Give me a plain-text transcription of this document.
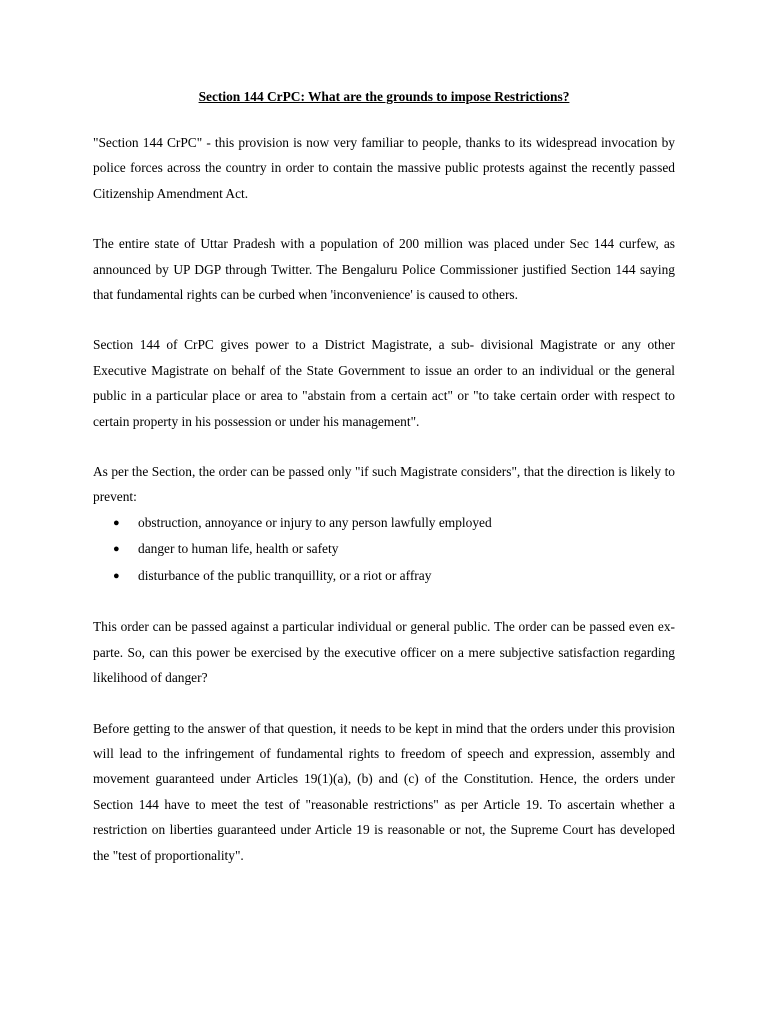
Section 144 CrPC: What are the grounds to impose Restrictions?

"Section 144 CrPC" - this provision is now very familiar to people, thanks to its widespread invocation by police forces across the country in order to contain the massive public protests against the recently passed Citizenship Amendment Act.

The entire state of Uttar Pradesh with a population of 200 million was placed under Sec 144 curfew, as announced by UP DGP through Twitter. The Bengaluru Police Commissioner justified Section 144 saying that fundamental rights can be curbed when 'inconvenience' is caused to others.

Section 144 of CrPC gives power to a District Magistrate, a sub- divisional Magistrate or any other Executive Magistrate on behalf of the State Government to issue an order to an individual or the general public in a particular place or area to "abstain from a certain act" or "to take certain order with respect to certain property in his possession or under his management".

As per the Section, the order can be passed only "if such Magistrate considers", that the direction is likely to prevent:

● obstruction, annoyance or injury to any person lawfully employed
● danger to human life, health or safety
● disturbance of the public tranquillity, or a riot or affray

This order can be passed against a particular individual or general public. The order can be passed even ex-parte. So, can this power be exercised by the executive officer on a mere subjective satisfaction regarding likelihood of danger?

Before getting to the answer of that question, it needs to be kept in mind that the orders under this provision will lead to the infringement of fundamental rights to freedom of speech and expression, assembly and movement guaranteed under Articles 19(1)(a), (b) and (c) of the Constitution. Hence, the orders under Section 144 have to meet the test of "reasonable restrictions" as per Article 19. To ascertain whether a restriction on liberties guaranteed under Article 19 is reasonable or not, the Supreme Court has developed the "test of proportionality".
